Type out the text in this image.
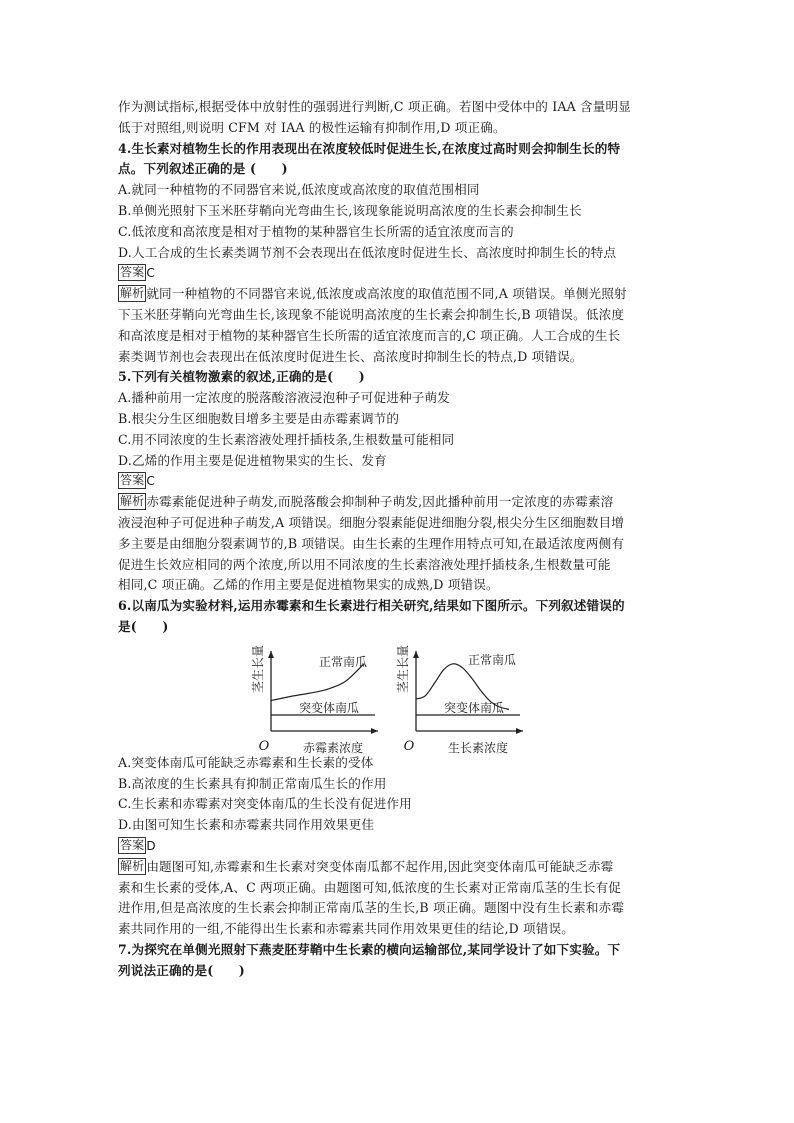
作为测试指标,根据受体中放射性的强弱进行判断,C 项正确。若图中受体中的 IAA 含量明显
低于对照组,则说明 CFM 对 IAA 的极性运输有抑制作用,D 项正确。
4.生长素对植物生长的作用表现出在浓度较低时促进生长,在浓度过高时则会抑制生长的特
点。下列叙述正确的是 (　　)
A.就同一种植物的不同器官来说,低浓度或高浓度的取值范围相同
B.单侧光照射下玉米胚芽鞘向光弯曲生长,该现象能说明高浓度的生长素会抑制生长
C.低浓度和高浓度是相对于植物的某种器官生长所需的适宜浓度而言的
D.人工合成的生长素类调节剂不会表现出在低浓度时促进生长、高浓度时抑制生长的特点
答案 C
解析 就同一种植物的不同器官来说,低浓度或高浓度的取值范围不同,A 项错误。单侧光照射
下玉米胚芽鞘向光弯曲生长,该现象不能说明高浓度的生长素会抑制生长,B 项错误。低浓度
和高浓度是相对于植物的某种器官生长所需的适宜浓度而言的,C 项正确。人工合成的生长
素类调节剂也会表现出在低浓度时促进生长、高浓度时抑制生长的特点,D 项错误。
5.下列有关植物激素的叙述,正确的是(　　)
A.播种前用一定浓度的脱落酸溶液浸泡种子可促进种子萌发
B.根尖分生区细胞数目增多主要是由赤霉素调节的
C.用不同浓度的生长素溶液处理扦插枝条,生根数量可能相同
D.乙烯的作用主要是促进植物果实的生长、发育
答案 C
解析 赤霉素能促进种子萌发,而脱落酸会抑制种子萌发,因此播种前用一定浓度的赤霉素溶
液浸泡种子可促进种子萌发,A 项错误。细胞分裂素能促进细胞分裂,根尖分生区细胞数目增
多主要是由细胞分裂素调节的,B 项错误。由生长素的生理作用特点可知,在最适浓度两侧有
促进生长效应相同的两个浓度,所以用不同浓度的生长素溶液处理扦插枝条,生根数量可能
相同,C 项正确。乙烯的作用主要是促进植物果实的成熟,D 项错误。
6.以南瓜为实验材料,运用赤霉素和生长素进行相关研究,结果如下图所示。下列叙述错误的
是(　　)
O	赤霉素浓度
茎生长量	正常南瓜
突变体南瓜
O	生长素浓度
茎生长量	正常南瓜
突变体南瓜
A.突变体南瓜可能缺乏赤霉素和生长素的受体
B.高浓度的生长素具有抑制正常南瓜生长的作用
C.生长素和赤霉素对突变体南瓜的生长没有促进作用
D.由图可知生长素和赤霉素共同作用效果更佳
答案 D
解析 由题图可知,赤霉素和生长素对突变体南瓜都不起作用,因此突变体南瓜可能缺乏赤霉
素和生长素的受体,A、C 两项正确。由题图可知,低浓度的生长素对正常南瓜茎的生长有促
进作用,但是高浓度的生长素会抑制正常南瓜茎的生长,B 项正确。题图中没有生长素和赤霉
素共同作用的一组,不能得出生长素和赤霉素共同作用效果更佳的结论,D 项错误。
7.为探究在单侧光照射下燕麦胚芽鞘中生长素的横向运输部位,某同学设计了如下实验。下
列说法正确的是(　　)
